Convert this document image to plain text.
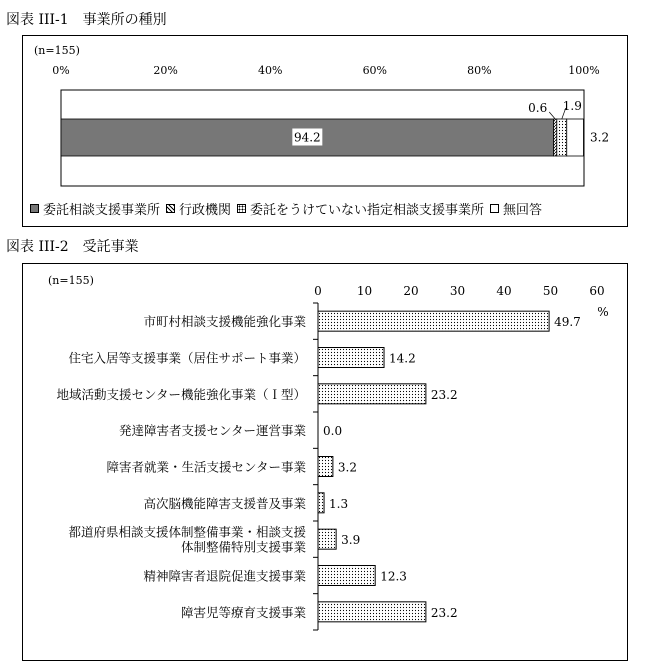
図表 III-1　事業所の種別
(n=155)
0%	20%	40%	60%	80%	100%
94.2
0.6 1.9
3.2
委託相談支援事業所 行政機関 委託をうけていない指定相談支援事業所 無回答
図表 III-2　受託事業
(n=155)
0	10	20	30	40	50	60
%
49.7
市町村相談支援機能強化事業
14.2
住宅入居等支援事業（居住サポート事業）
23.2
地域活動支援センター機能強化事業（Ｉ型）
0.0
発達障害者支援センター運営事業
3.2
障害者就業・生活支援センター事業
1.3
高次脳機能障害支援普及事業
3.9
都道府県相談支援体制整備事業・相談支援
体制整備特別支援事業
12.3
精神障害者退院促進支援事業
23.2
障害児等療育支援事業
